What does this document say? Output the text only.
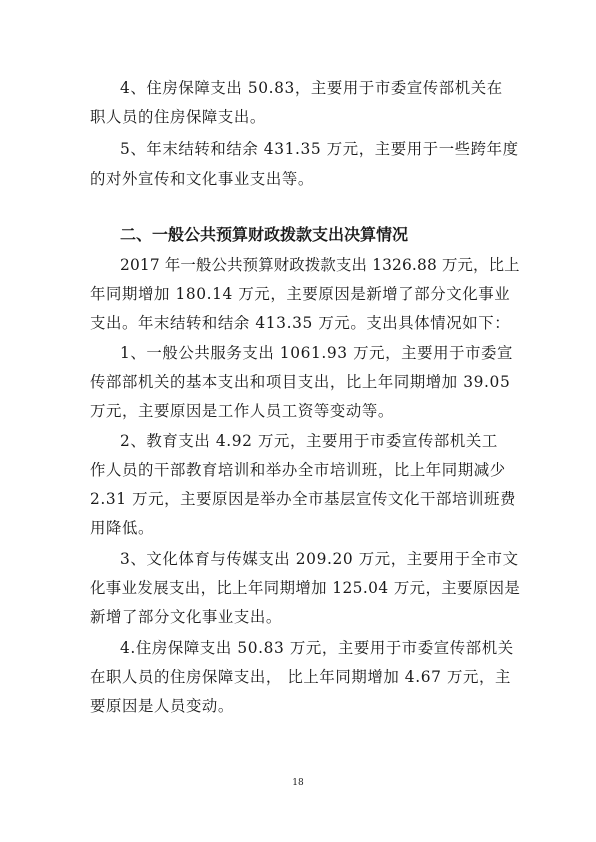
4、住房保障支出 50.83，主要用于市委宣传部机关在
职人员的住房保障支出。
5、年末结转和结余 431.35 万元，主要用于一些跨年度
的对外宣传和文化事业支出等。
二、一般公共预算财政拨款支出决算情况
2017 年一般公共预算财政拨款支出 1326.88 万元，比上
年同期增加 180.14 万元，主要原因是新增了部分文化事业
支出。年末结转和结余 413.35 万元。支出具体情况如下：
1、一般公共服务支出 1061.93 万元，主要用于市委宣
传部部机关的基本支出和项目支出，比上年同期增加 39.05
万元，主要原因是工作人员工资等变动等。
2、教育支出 4.92 万元，主要用于市委宣传部机关工
作人员的干部教育培训和举办全市培训班，比上年同期减少
2.31 万元，主要原因是举办全市基层宣传文化干部培训班费
用降低。
3、文化体育与传媒支出 209.20 万元，主要用于全市文
化事业发展支出，比上年同期增加 125.04 万元，主要原因是
新增了部分文化事业支出。
4.住房保障支出 50.83 万元，主要用于市委宣传部机关
在职人员的住房保障支出， 比上年同期增加 4.67 万元，主
要原因是人员变动。
18
